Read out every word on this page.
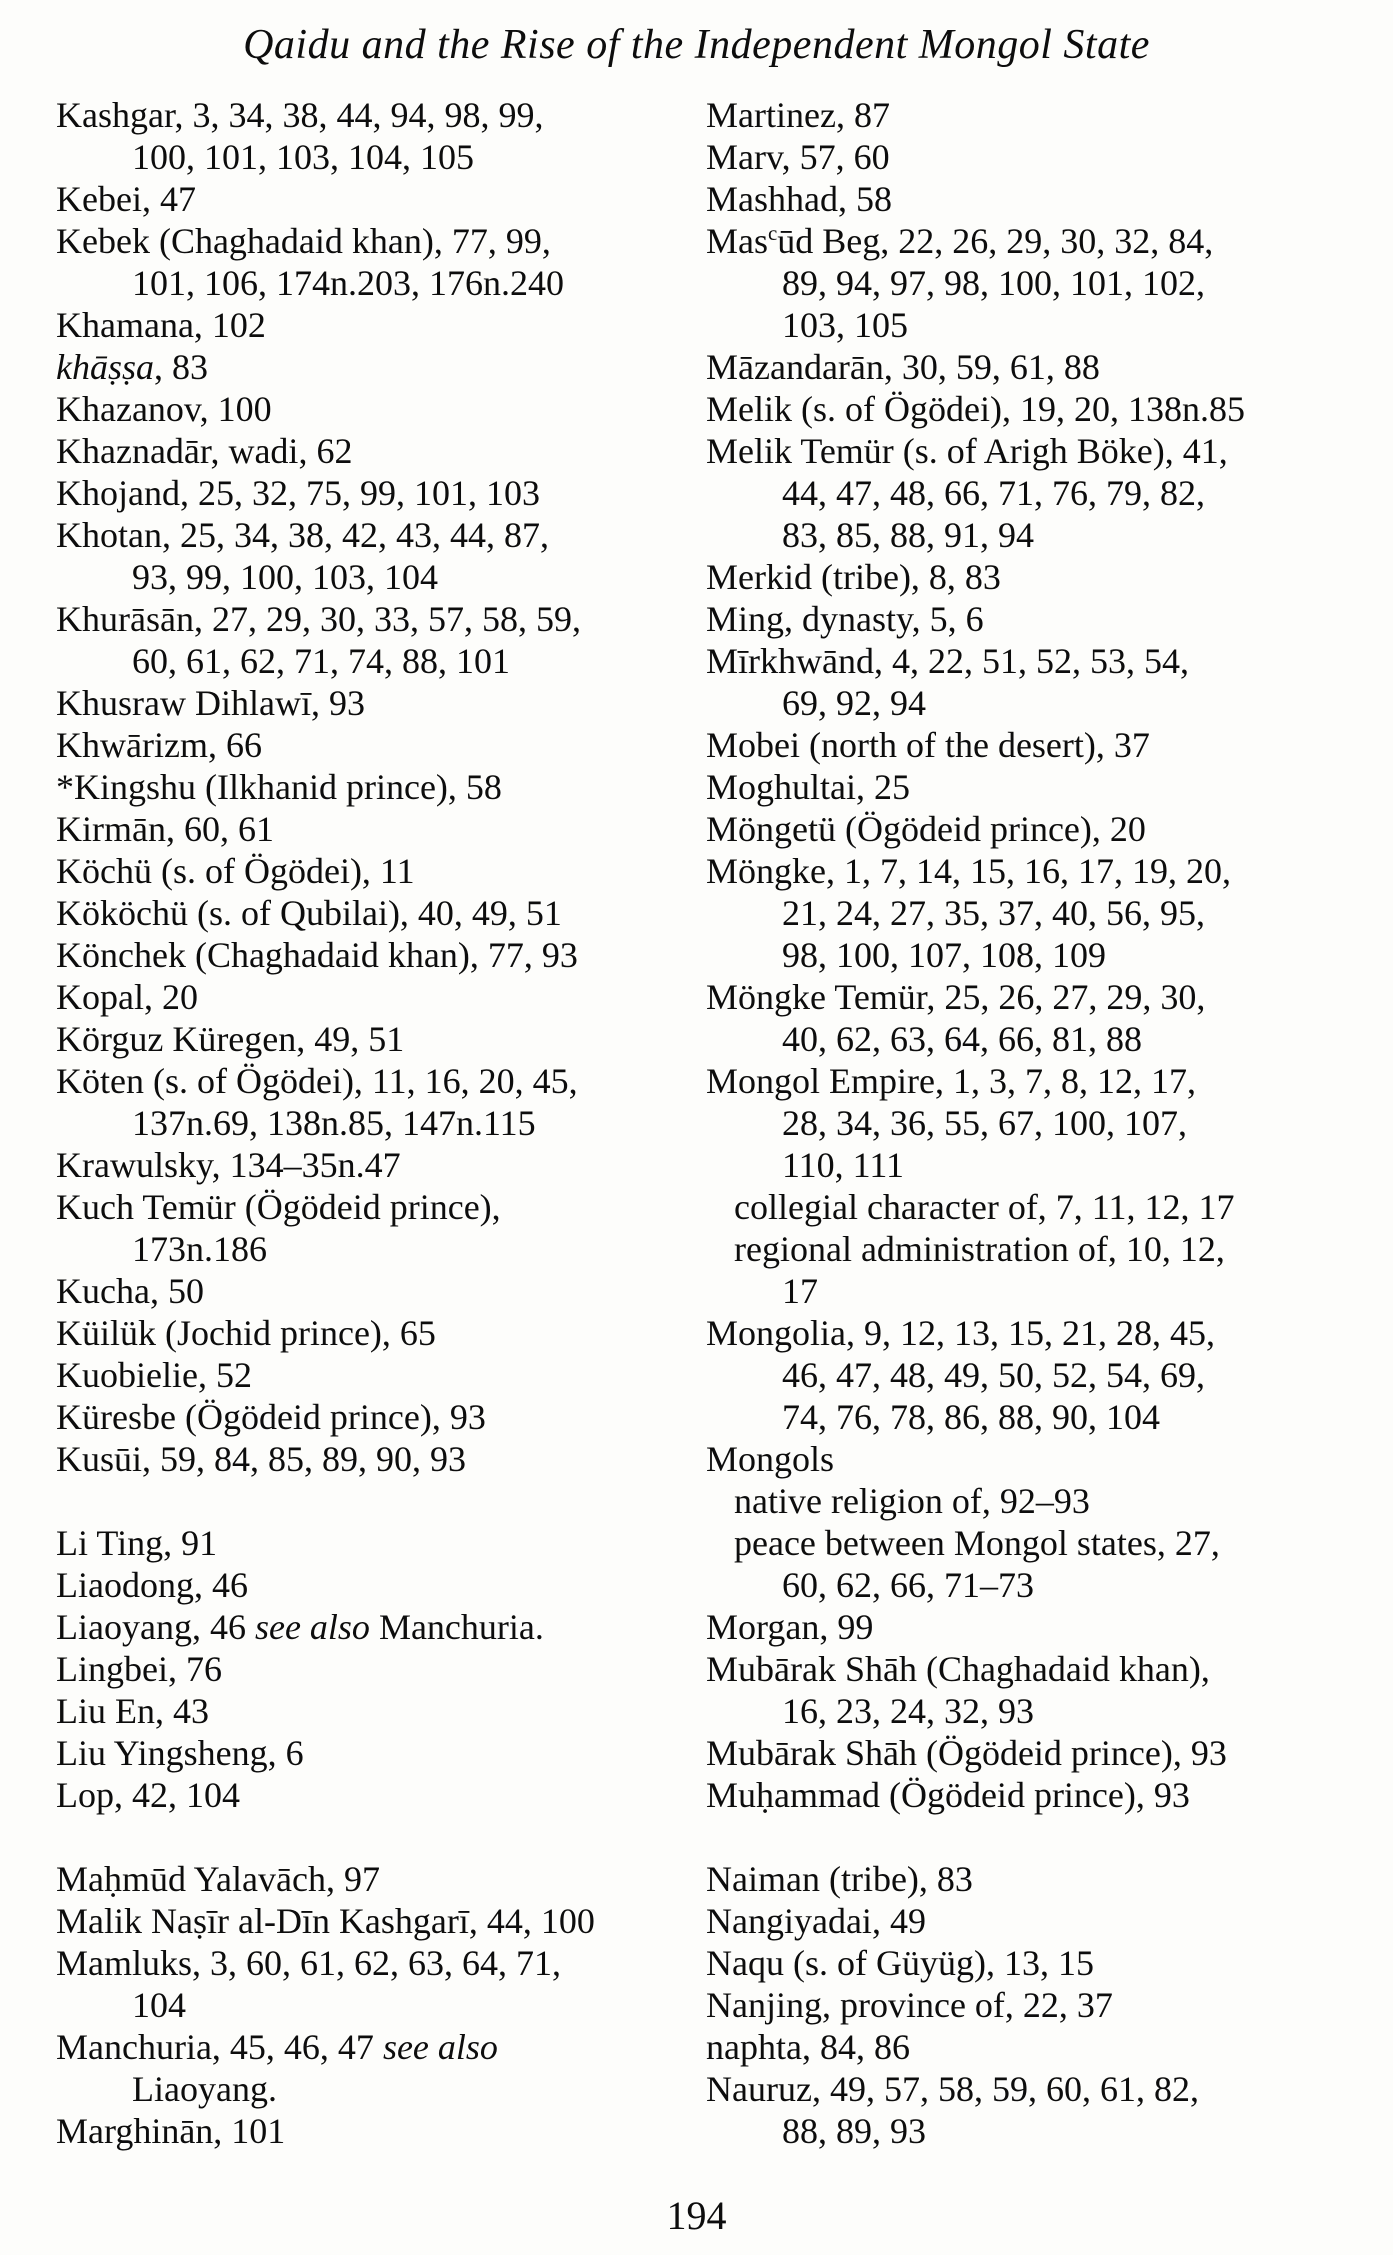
Qaidu and the Rise of the Independent Mongol State
Kashgar, 3, 34, 38, 44, 94, 98, 99,
100, 101, 103, 104, 105
Kebei, 47
Kebek (Chaghadaid khan), 77, 99,
101, 106, 174n.203, 176n.240
Khamana, 102
khāṣṣa, 83
Khazanov, 100
Khaznadār, wadi, 62
Khojand, 25, 32, 75, 99, 101, 103
Khotan, 25, 34, 38, 42, 43, 44, 87,
93, 99, 100, 103, 104
Khurāsān, 27, 29, 30, 33, 57, 58, 59,
60, 61, 62, 71, 74, 88, 101
Khusraw Dihlawī, 93
Khwārizm, 66
*Kingshu (Ilkhanid prince), 58
Kirmān, 60, 61
Köchü (s. of Ögödei), 11
Kököchü (s. of Qubilai), 40, 49, 51
Könchek (Chaghadaid khan), 77, 93
Kopal, 20
Körguz Küregen, 49, 51
Köten (s. of Ögödei), 11, 16, 20, 45,
137n.69, 138n.85, 147n.115
Krawulsky, 134–35n.47
Kuch Temür (Ögödeid prince),
173n.186
Kucha, 50
Küilük (Jochid prince), 65
Kuobielie, 52
Küresbe (Ögödeid prince), 93
Kusūi, 59, 84, 85, 89, 90, 93
Li Ting, 91
Liaodong, 46
Liaoyang, 46 see also Manchuria.
Lingbei, 76
Liu En, 43
Liu Yingsheng, 6
Lop, 42, 104
Maḥmūd Yalavāch, 97
Malik Naṣīr al-Dīn Kashgarī, 44, 100
Mamluks, 3, 60, 61, 62, 63, 64, 71,
104
Manchuria, 45, 46, 47 see also
Liaoyang.
Marghinān, 101
Martinez, 87
Marv, 57, 60
Mashhad, 58
Mas$^c$ūd Beg, 22, 26, 29, 30, 32, 84,
89, 94, 97, 98, 100, 101, 102,
103, 105
Māzandarān, 30, 59, 61, 88
Melik (s. of Ögödei), 19, 20, 138n.85
Melik Temür (s. of Arigh Böke), 41,
44, 47, 48, 66, 71, 76, 79, 82,
83, 85, 88, 91, 94
Merkid (tribe), 8, 83
Ming, dynasty, 5, 6
Mīrkhwānd, 4, 22, 51, 52, 53, 54,
69, 92, 94
Mobei (north of the desert), 37
Moghultai, 25
Möngetü (Ögödeid prince), 20
Möngke, 1, 7, 14, 15, 16, 17, 19, 20,
21, 24, 27, 35, 37, 40, 56, 95,
98, 100, 107, 108, 109
Möngke Temür, 25, 26, 27, 29, 30,
40, 62, 63, 64, 66, 81, 88
Mongol Empire, 1, 3, 7, 8, 12, 17,
28, 34, 36, 55, 67, 100, 107,
110, 111
collegial character of, 7, 11, 12, 17
regional administration of, 10, 12,
17
Mongolia, 9, 12, 13, 15, 21, 28, 45,
46, 47, 48, 49, 50, 52, 54, 69,
74, 76, 78, 86, 88, 90, 104
Mongols
native religion of, 92–93
peace between Mongol states, 27,
60, 62, 66, 71–73
Morgan, 99
Mubārak Shāh (Chaghadaid khan),
16, 23, 24, 32, 93
Mubārak Shāh (Ögödeid prince), 93
Muḥammad (Ögödeid prince), 93
Naiman (tribe), 83
Nangiyadai, 49
Naqu (s. of Güyüg), 13, 15
Nanjing, province of, 22, 37
naphta, 84, 86
Nauruz, 49, 57, 58, 59, 60, 61, 82,
88, 89, 93
194
